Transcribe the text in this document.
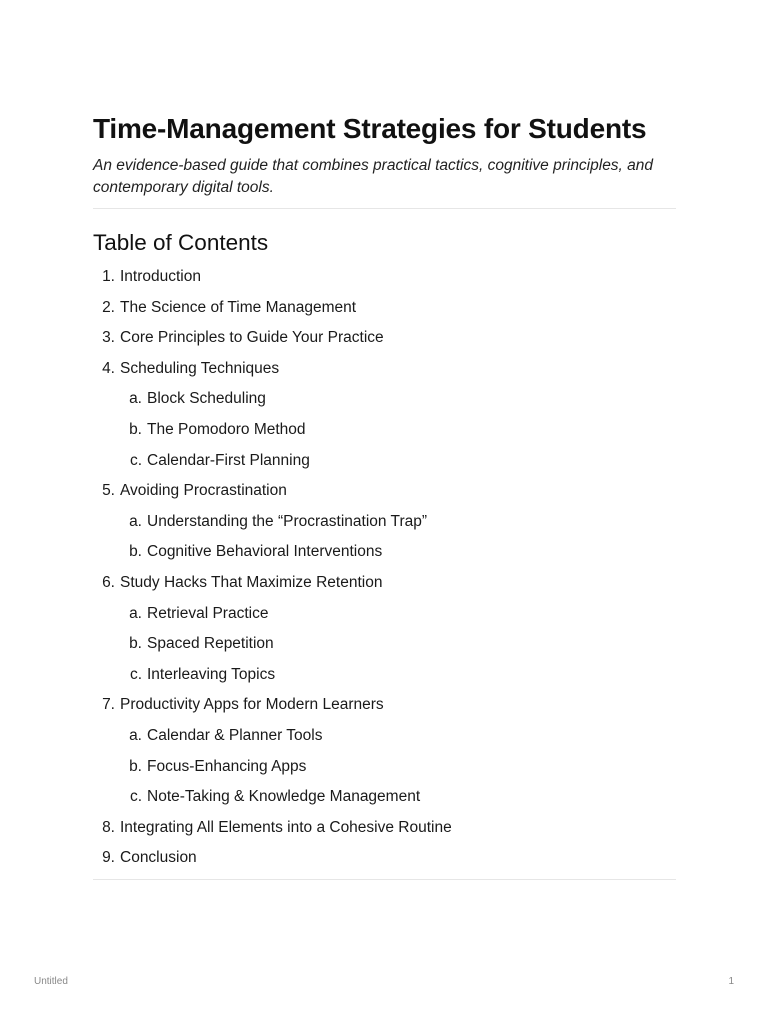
Time-Management Strategies for Students

An evidence-based guide that combines practical tactics, cognitive principles, and contemporary digital tools.

Table of Contents
1. Introduction
2. The Science of Time Management
3. Core Principles to Guide Your Practice
4. Scheduling Techniques
a. Block Scheduling
b. The Pomodoro Method
c. Calendar-First Planning
5. Avoiding Procrastination
a. Understanding the “Procrastination Trap”
b. Cognitive Behavioral Interventions
6. Study Hacks That Maximize Retention
a. Retrieval Practice
b. Spaced Repetition
c. Interleaving Topics
7. Productivity Apps for Modern Learners
a. Calendar & Planner Tools
b. Focus-Enhancing Apps
c. Note-Taking & Knowledge Management
8. Integrating All Elements into a Cohesive Routine
9. Conclusion
Untitled	1
